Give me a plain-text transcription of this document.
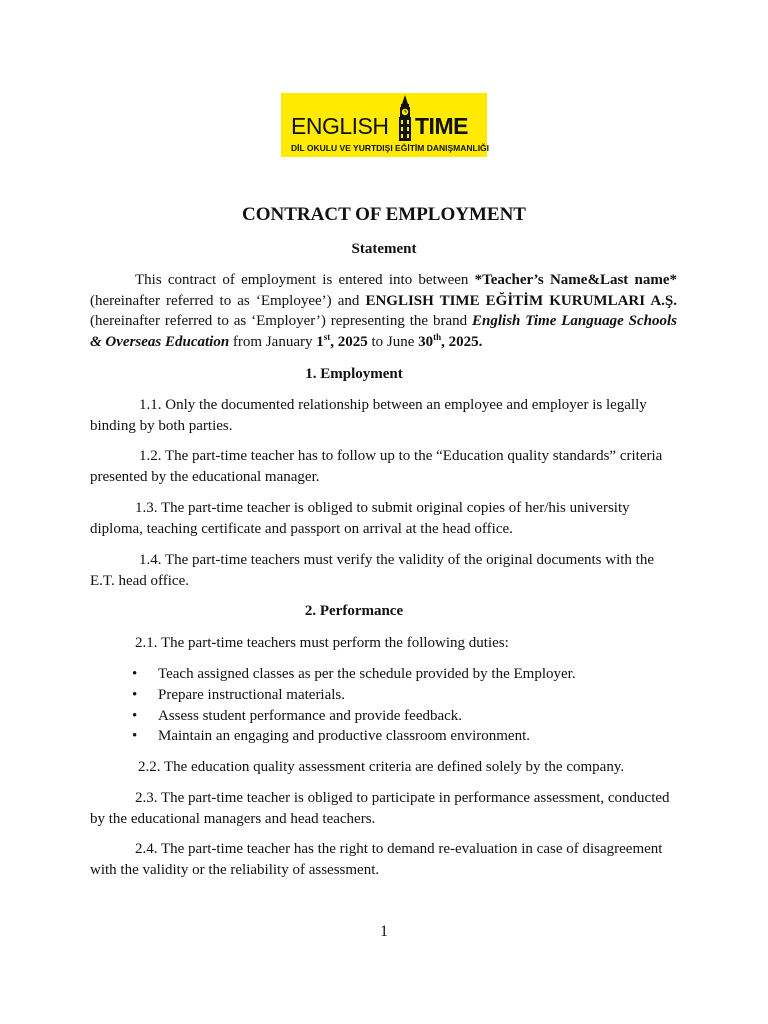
ENGLISH TIME
DİL OKULU VE YURTDIŞI EĞİTİM DANIŞMANLIĞI
CONTRACT OF EMPLOYMENT
Statement
This contract of employment is entered into between *Teacher’s Name&Last name*(hereinafter referred to as ‘Employee’) and ENGLISH TIME EĞİTİM KURUMLARI A.Ş. (hereinafter referred to as ‘Employer’) representing the brand English Time Language Schools & Overseas Education from January 1st, 2025 to June 30th, 2025.
1. Employment
1.1. Only the documented relationship between an employee and employer is legally binding by both parties.
1.2. The part-time teacher has to follow up to the “Education quality standards” criteria presented by the educational manager.
1.3. The part-time teacher is obliged to submit original copies of her/his university diploma, teaching certificate and passport on arrival at the head office.
1.4. The part-time teachers must verify the validity of the original documents with the E.T. head office.
2. Performance
2.1. The part-time teachers must perform the following duties:
• Teach assigned classes as per the schedule provided by the Employer.
• Prepare instructional materials.
• Assess student performance and provide feedback.
• Maintain an engaging and productive classroom environment.
2.2. The education quality assessment criteria are defined solely by the company.
2.3. The part-time teacher is obliged to participate in performance assessment, conducted by the educational managers and head teachers.
2.4. The part-time teacher has the right to demand re-evaluation in case of disagreement with the validity or the reliability of assessment.
1
